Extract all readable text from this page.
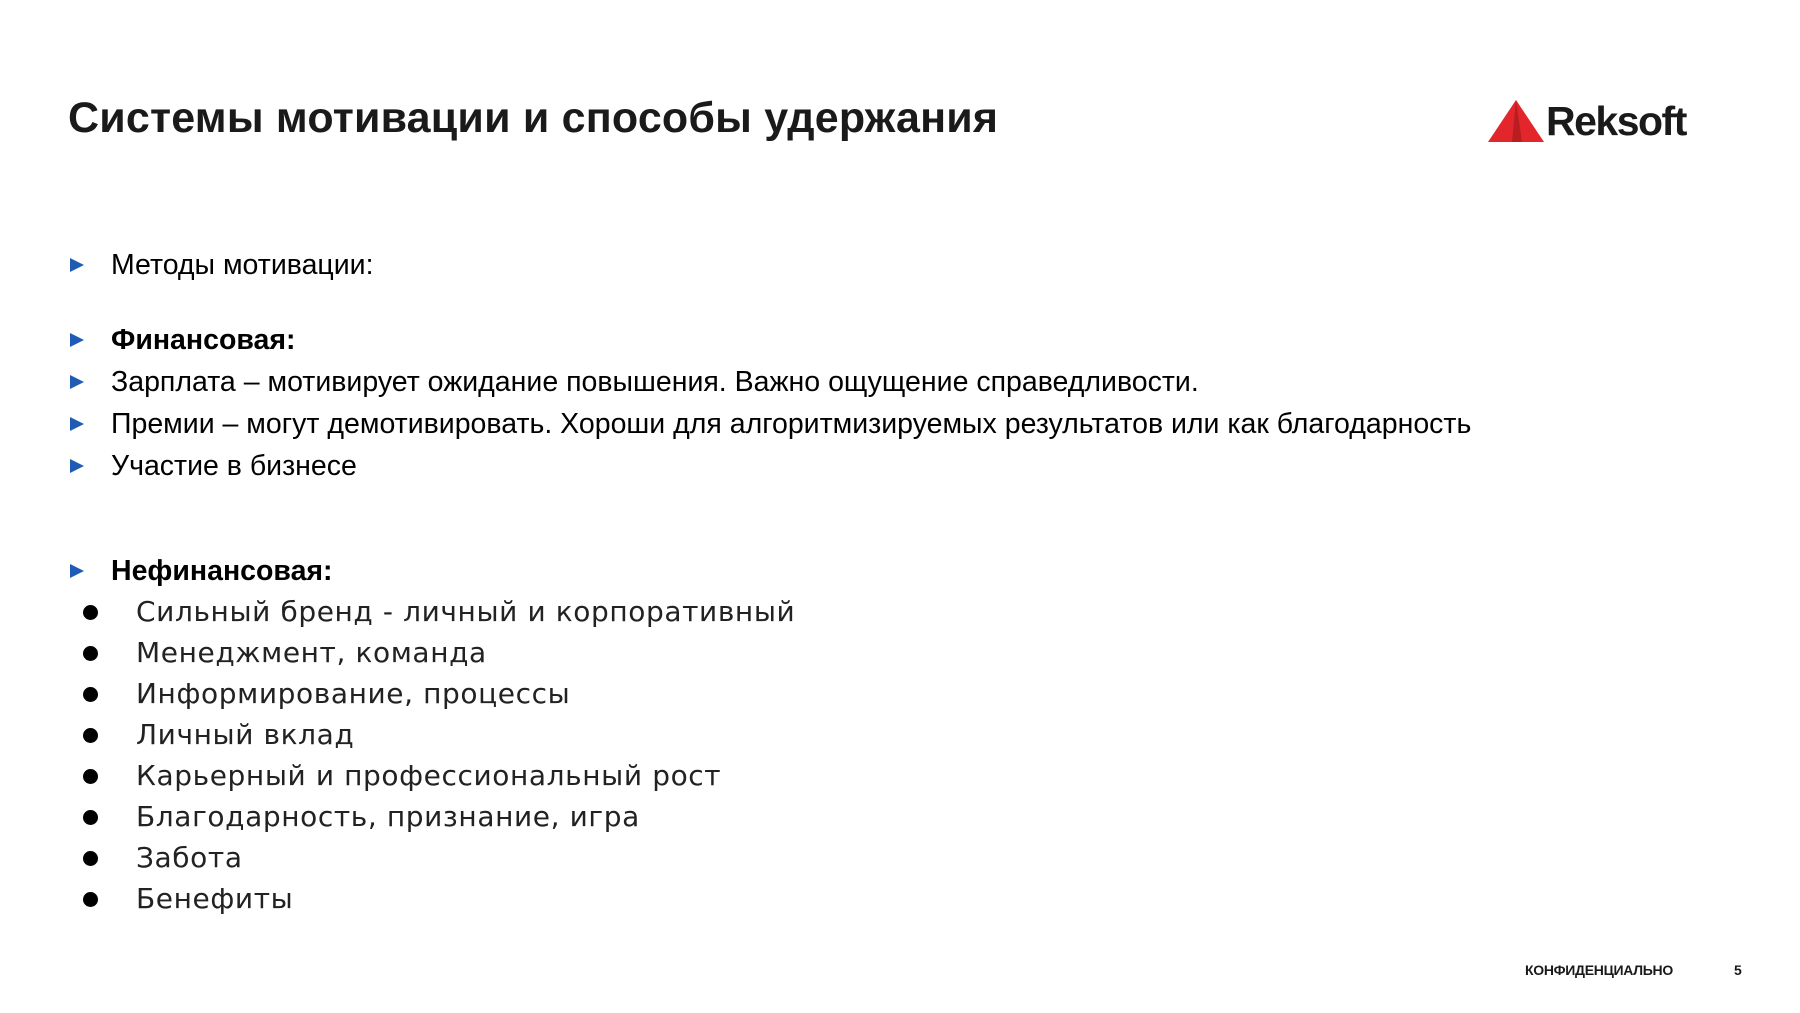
Системы мотивации и способы удержания	Reksoft
Методы мотивации:
Финансовая:
Зарплата – мотивирует ожидание повышения. Важно ощущение справедливости.
Премии – могут демотивировать. Хороши для алгоритмизируемых результатов или как благодарность
Участие в бизнесе
Нефинансовая:
Сильный бренд - личный и корпоративный
Менеджмент, команда
Информирование, процессы
Личный вклад
Карьерный и профессиональный рост
Благодарность, признание, игра
Забота
Бенефиты
КОНФИДЕНЦИАЛЬНО	5
